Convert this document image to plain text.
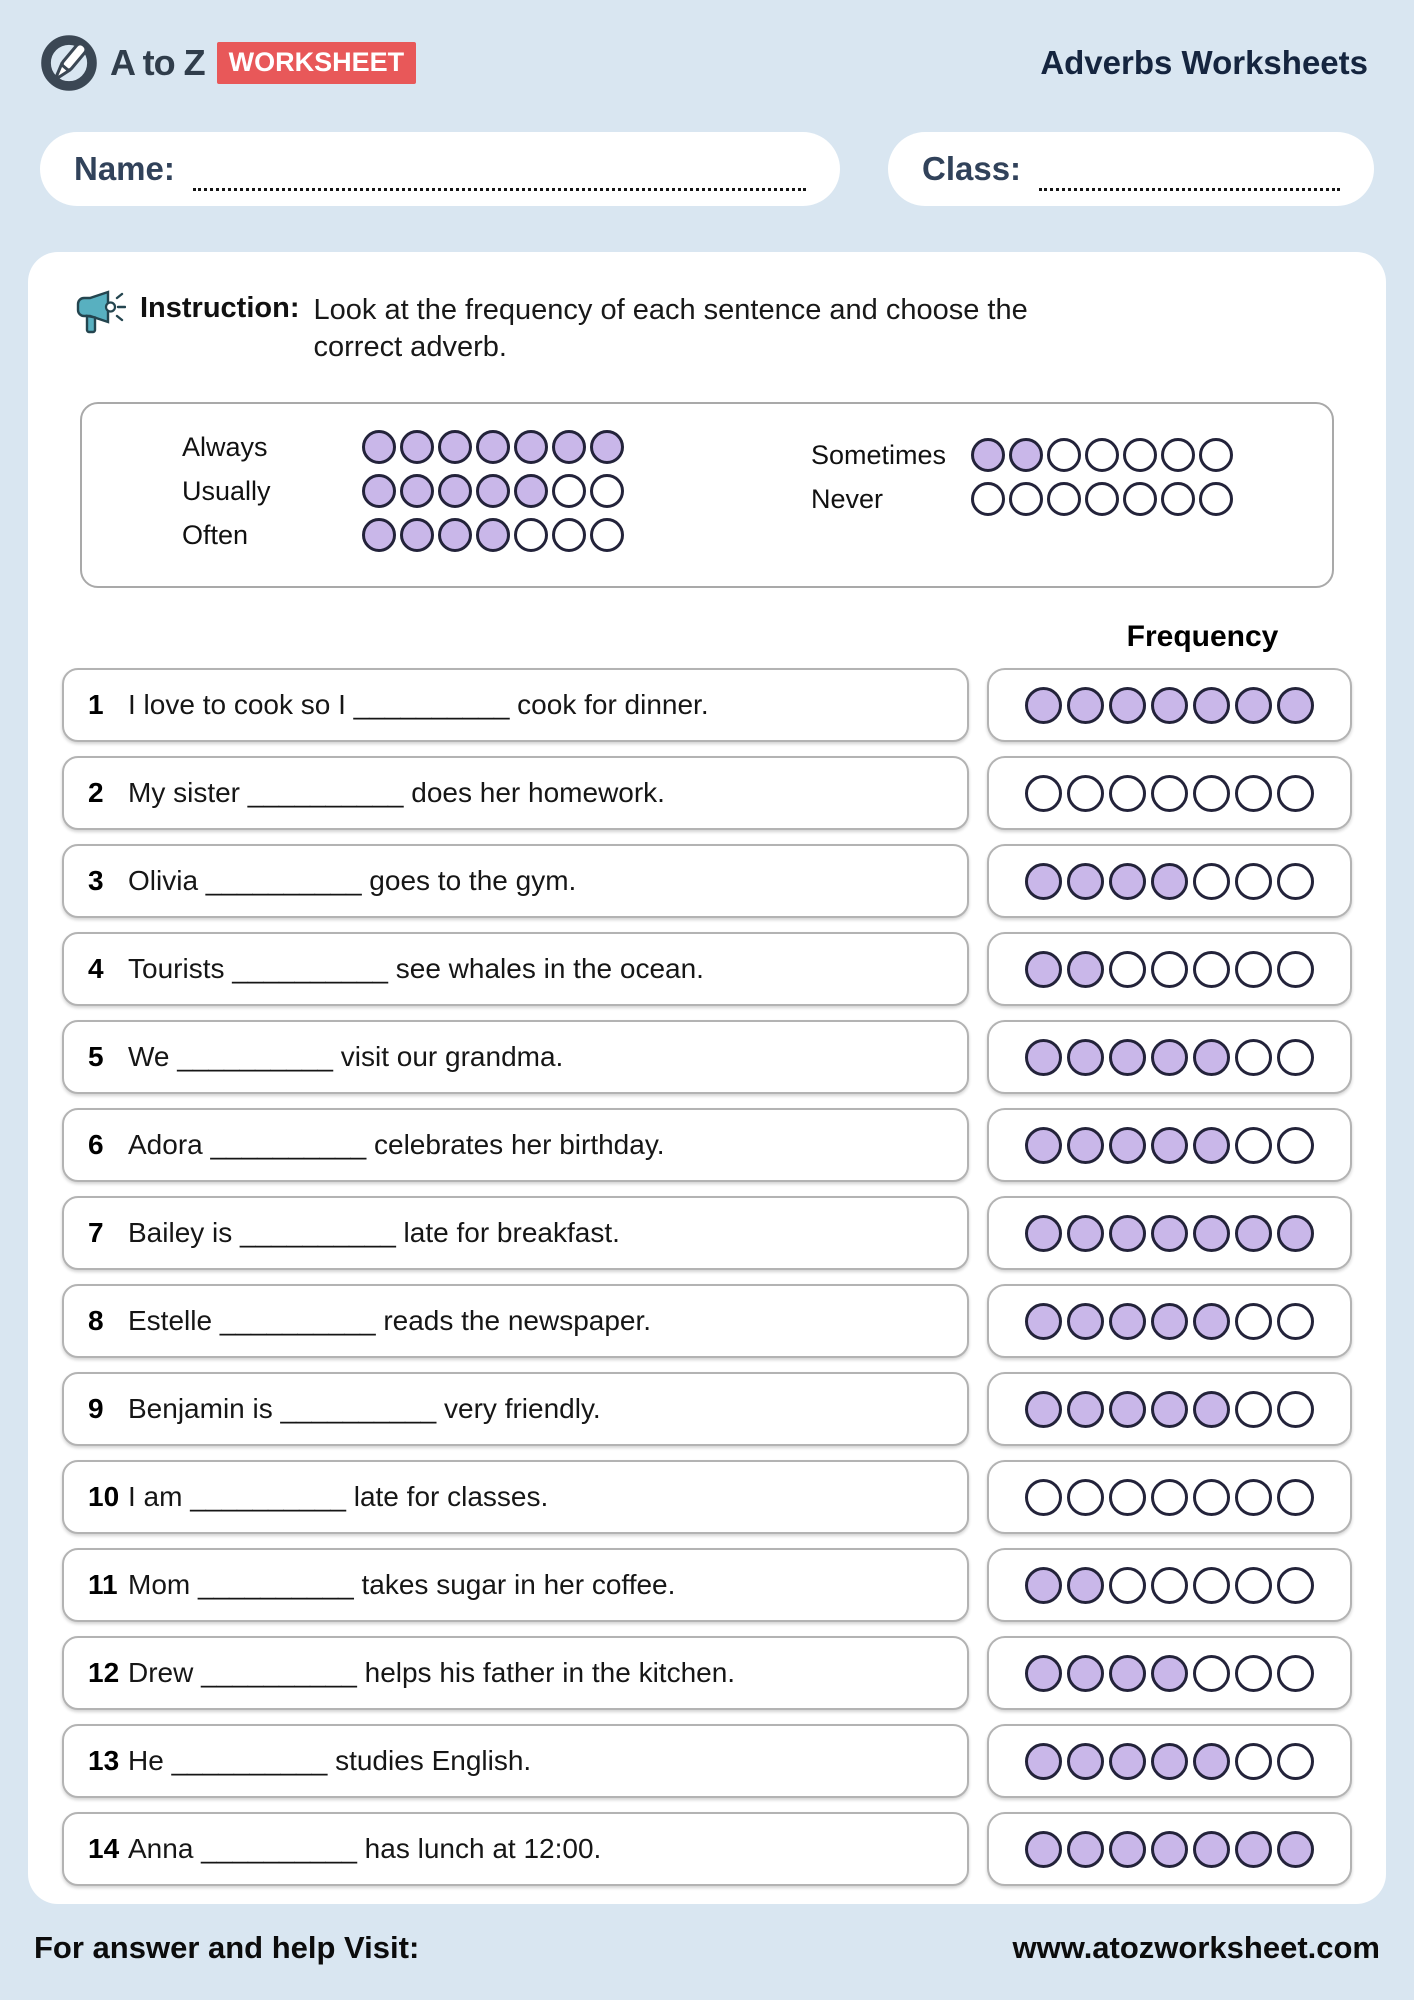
A to Z WORKSHEET	Adverbs Worksheets
Name:	Class:
Instruction: Look at the frequency of each sentence and choose the correct adverb.
Always
Usually
Often
Sometimes
Never
Frequency
1 I love to cook so I __________ cook for dinner.
2 My sister __________ does her homework.
3 Olivia __________ goes to the gym.
4 Tourists __________ see whales in the ocean.
5 We __________ visit our grandma.
6 Adora __________ celebrates her birthday.
7 Bailey is __________ late for breakfast.
8 Estelle __________ reads the newspaper.
9 Benjamin is __________ very friendly.
10 I am __________ late for classes.
11 Mom __________ takes sugar in her coffee.
12 Drew __________ helps his father in the kitchen.
13 He __________ studies English.
14 Anna __________ has lunch at 12:00.
For answer and help Visit:	www.atozworksheet.com
